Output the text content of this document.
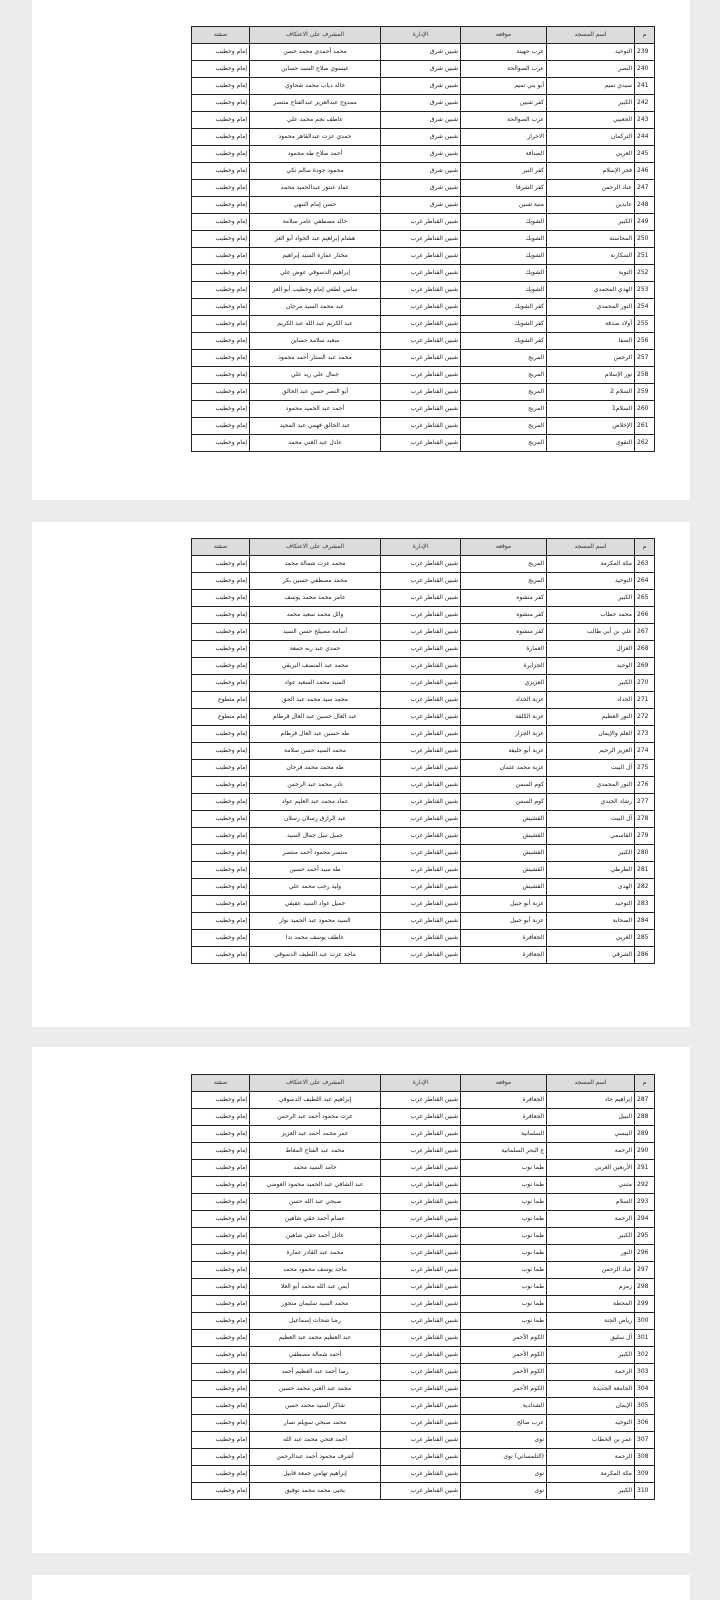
م	اسم المسجد	موقعه	الإدارة	المشرف على الاعتكاف	صفته
239	التوحيد	عرب جهينة	شبين شرق	محمد أحمدي محمد حسن	إمام وخطيب
240	النصر	عرب الصوالحة	شبين شرق	عيسوي صلاح السيد حساين	إمام وخطيب
241	سيدي تميم	أبو بني تميم	شبين شرق	خالد دياب محمد شحاوي	إمام وخطيب
242	الكبير	كفر شبين	شبين شرق	ممدوح عبدالعزيز عبدالفتاح منتصر	إمام وخطيب
243	الجعبيي	عرب الصوالحة	شبين شرق	عاطف نجم محمد علي	إمام وخطيب
244	التركمان	الاحراز	شبين شرق	حمدي عزت عبدالقاهر محمود	إمام وخطيب
245	العربي	الصنافة	شبين شرق	أحمد صلاح طه محمود	إمام وخطيب
246	فجر الإسلام	كفر النبر	شبين شرق	محمود جودة سالم تكي	إمام وخطيب
247	عباد الرحمن	كفر الشرفا	شبين شرق	عماد عنتور عبدالحميد محمد	إمام وخطيب
248	عابدين	منية شبين	شبين شرق	حسن إمام النبهي	إمام وخطيب
249	الكبير	الشويك	شبين القناطر غرب	خالد مصطفي عامر سلامة	إمام وخطيب
250	المحاسنة	الشويك	شبين القناطر غرب	هشام إبراهيم عبد الجواد أبو العز	إمام وخطيب
251	السكارنة	الشويك	شبين القناطر غرب	مختار عمارة السيد إبراهيم	إمام وخطيب
252	التوبة	الشويك	شبين القناطر غرب	إبراهيم الدسوقي عوض علي	إمام وخطيب
253	الهدي المحمدي	الشويك	شبين القناطر غرب	سامي لطفي إمام وخطيب أبو العز	إمام وخطيب
254	النور المحمدي	كفر الشويك	شبين القناطر غرب	عبد محمد السيد مرجان	إمام وخطيب
255	أولاد صدقة	كفر الشويك	شبين القناطر غرب	عبد الكريم عبد الله عبد الكريم	إمام وخطيب
256	الصفا	كفر الشويك	شبين القناطر غرب	سعيد سلامة حساين	إمام وخطيب
257	الرحمن	المريج	شبين القناطر غرب	محمد عبد الستار أحمد محمود	إمام وخطيب
258	نور الإسلام	المريج	شبين القناطر غرب	جمال علي زيد علي	إمام وخطيب
259	السلام 2	المريج	شبين القناطر غرب	أبو النصر حسن عبد الخالق	إمام وخطيب
260	السلام1	المريج	شبين القناطر غرب	أحمد عبد الحميد محمود	إمام وخطيب
261	الإخلاص	المريج	شبين القناطر غرب	عبد الخالق فهمي عبد المجيد	إمام وخطيب
262	التقوى	المريج	شبين القناطر غرب	عادل عبد الغني محمد	إمام وخطيب
م	اسم المسجد	موقعه	الإدارة	المشرف على الاعتكاف	صفته
263	مكة المكرمة	المريج	شبين القناطر غرب	محمد عزت شمالة محمد	إمام وخطيب
264	التوحيد	المريج	شبين القناطر غرب	محمد مصطفي حسين بكر	إمام وخطيب
265	الكبير	كفر منشوه	شبين القناطر غرب	عامر محمد محمد يوسف	إمام وخطيب
266	محمد خطاب	كفر منشوه	شبين القناطر غرب	وائل محمد سعيد محمد	إمام وخطيب
267	علي بن أبي طالب	كفر منشوه	شبين القناطر غرب	أسامة مصيلح حسن السيد	إمام وخطيب
268	الغزال	العمارة	شبين القناطر غرب	حمدي عبد ربه جمعة	إمام وخطيب
269	الوحيد	الجزايرة	شبين القناطر غرب	محمد عبد المنصف البربقي	إمام وخطيب
270	الكبير	العزيزي	شبين القناطر غرب	السيد محمد السعيد عواد	إمام وخطيب
271	الحداد	عزبة الحداد	شبين القناطر غرب	محمد سيد محمد عبد الحق	إمام متطوع
272	النور العظيم	عزبة الكلفة	شبين القناطر غرب	عبد العال حسين عبد العال قرطام	إمام متطوع
273	العلم والإيمان	عزبة الجزار	شبين القناطر غرب	طه حسين عبد العال قرطام	إمام وخطيب
274	العزيز الرحيم	عزبة أبو خليفة	شبين القناطر غرب	محمد السيد حسن سلامة	إمام وخطيب
275	آل البيت	عزبة محمد عثمان	شبين القناطر غرب	طه محمد محمد فرحان	إمام وخطيب
276	النور المحمدي	كوم السمن	شبين القناطر غرب	نادر محمد عبد الرحمن	إمام وخطيب
277	رشاد الجندي	كوم السمن	شبين القناطر غرب	عماد محمد عبد العليم عواد	إمام وخطيب
278	آل البيت	القشيش	شبين القناطر غرب	عبد الرازق رسلان رسلان	إمام وخطيب
279	القاسمي	القشيش	شبين القناطر غرب	جميل نبيل جمال السيد	إمام وخطيب
280	الكبير	القشيش	شبين القناطر غرب	منتصر محمود أحمد منتصر	إمام وخطيب
281	الطرطي	القشيش	شبين القناطر غرب	طه سيد أحمد حسين	إمام وخطيب
282	الهدى	القشيش	شبين القناطر غرب	وليد رجب محمد علي	إمام وخطيب
283	التوحيد	عزبة أبو جبيل	شبين القناطر غرب	جميل عواد السيد عفيفي	إمام وخطيب
284	الصحابة	عزبة أبو جبيل	شبين القناطر غرب	السيد محمود عبد الحميد نوار	إمام وخطيب
285	الغربي	الجعافرة	شبين القناطر غرب	عاطف يوسف محمد ندا	إمام وخطيب
286	الشرقي	الجعافرة	شبين القناطر غرب	ماجد عزت عبد اللطيف الدسوقي	إمام وخطيب
م	اسم المسجد	موقعه	الإدارة	المشرف على الاعتكاف	صفته
287	إبراهيم جاد	الجعافرة	شبين القناطر غرب	إبراهيم عبد اللطيف الدسوقي	إمام وخطيب
288	النبيل	الجعافرة	شبين القناطر غرب	عزت محمود أحمد عبد الرحمن	إمام وخطيب
289	البيسي	السلمانية	شبين القناطر غرب	عمر محمد أحمد عبد العزيز	إمام وخطيب
290	الرحمة	ع البحر السلمانية	شبين القناطر غرب	محمد عبد الفتاح المغاط	إمام وخطيب
291	الأربعين الغربي	طما نوب	شبين القناطر غرب	حامد السيد محمد	إمام وخطيب
292	متبني	طما نوب	شبين القناطر غرب	عبد الشافي عبد الحميد محمود العوضي	إمام وخطيب
293	السلام	طما نوب	شبين القناطر غرب	صبحي عبد الله حسن	إمام وخطيب
294	الرحمة	طما نوب	شبين القناطر غرب	عصام أحمد حقي شاهين	إمام وخطيب
295	الكبير	طما نوب	شبين القناطر غرب	عادل أحمد حقي شاهين	إمام وخطيب
296	النور	طما نوب	شبين القناطر غرب	محمد عبد القادر عمارة	إمام وخطيب
297	عباد الرحمن	طما نوب	شبين القناطر غرب	ماجد يوسف محمود محمد	إمام وخطيب
298	زمزم	طما نوب	شبين القناطر غرب	أيمن عبد الله محمد أبو العلا	إمام وخطيب
299	المحطة	طما نوب	شبين القناطر غرب	محمد السيد سليمان منجور	إمام وخطيب
300	رياض الجنة	طما نوب	شبين القناطر غرب	رضا شحات إسماعيل	إمام وخطيب
301	آل سليق	الكوم الأحمر	شبين القناطر غرب	عبد العظيم محمد عبد العظيم	إمام وخطيب
302	الكبير	الكوم الأحمر	شبين القناطر غرب	أحمد شمالة مصطفي	إمام وخطيب
303	الرحمة	الكوم الأحمر	شبين القناطر غرب	رضا أحمد عبد العظيم أحمد	إمام وخطيب
304	الجامعة الجديدة	الكوم الأحمر	شبين القناطر غرب	محمد عبد الغني محمد حسين	إمام وخطيب
305	الإيمان	الشدادية	شبين القناطر غرب	شاكر السيد محمد حسن	إمام وخطيب
306	التوحيد	عرب صالح	شبين القناطر غرب	محمد صبحي سويلم نصار	إمام وخطيب
307	عمر بن الخطاب	نوى	شبين القناطر غرب	أحمد فتحي محمد عبد الله	إمام وخطيب
308	الرحمة	(التلمساني) نوى	شبين القناطر غرب	أشرف محمود أحمد عبدالرحمن	إمام وخطيب
309	مكة المكرمة	نوى	شبين القناطر غرب	إبراهيم تهامي جمعة قابيل	إمام وخطيب
310	الكبير	نوى	شبين القناطر غرب	يحيى محمد محمد توفيق	إمام وخطيب
